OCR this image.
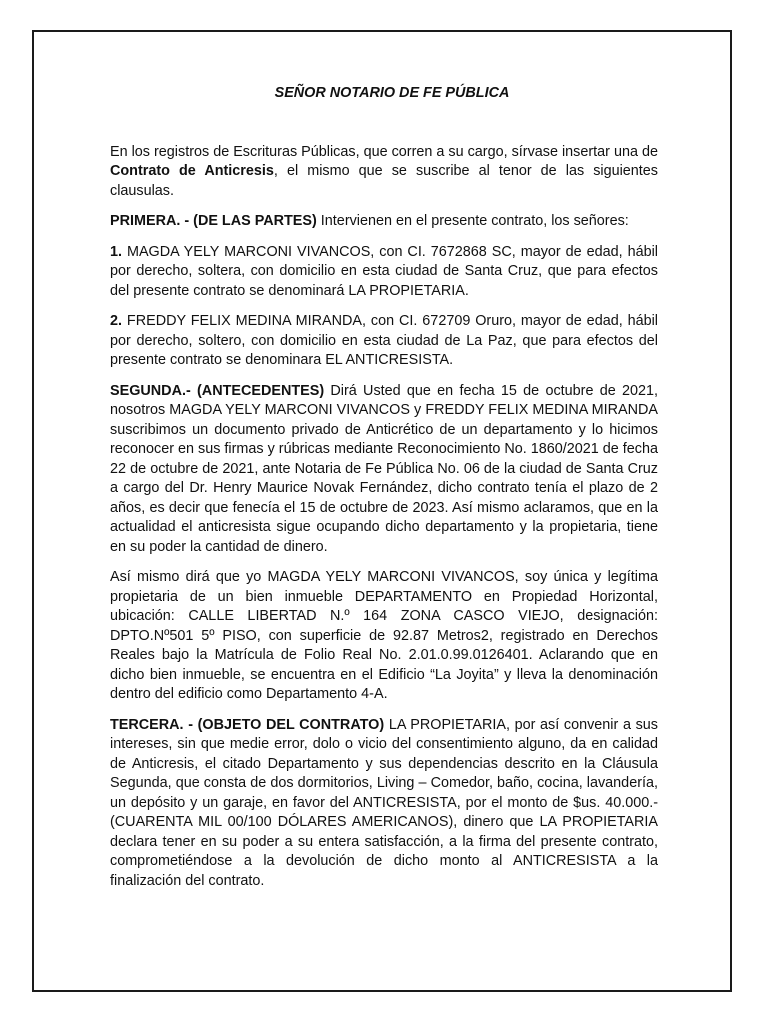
SEÑOR NOTARIO DE FE PÚBLICA

En los registros de Escrituras Públicas, que corren a su cargo, sírvase insertar una de Contrato de Anticresis, el mismo que se suscribe al tenor de las siguientes clausulas.

PRIMERA. - (DE LAS PARTES) Intervienen en el presente contrato, los señores:

1. MAGDA YELY MARCONI VIVANCOS, con CI. 7672868 SC, mayor de edad, hábil por derecho, soltera, con domicilio en esta ciudad de Santa Cruz, que para efectos del presente contrato se denominará LA PROPIETARIA.

2. FREDDY FELIX MEDINA MIRANDA, con CI. 672709 Oruro, mayor de edad, hábil por derecho, soltero, con domicilio en esta ciudad de La Paz, que para efectos del presente contrato se denominara EL ANTICRESISTA.

SEGUNDA.- (ANTECEDENTES) Dirá Usted que en fecha 15 de octubre de 2021, nosotros MAGDA YELY MARCONI VIVANCOS y FREDDY FELIX MEDINA MIRANDA suscribimos un documento privado de Anticrético de un departamento y lo hicimos reconocer en sus firmas y rúbricas mediante Reconocimiento No. 1860/2021 de fecha 22 de octubre de 2021, ante Notaria de Fe Pública No. 06 de la ciudad de Santa Cruz a cargo del Dr. Henry Maurice Novak Fernández, dicho contrato tenía el plazo de 2 años, es decir que fenecía el 15 de octubre de 2023. Así mismo aclaramos, que en la actualidad el anticresista sigue ocupando dicho departamento y la propietaria, tiene en su poder la cantidad de dinero.

Así mismo dirá que yo MAGDA YELY MARCONI VIVANCOS, soy única y legítima propietaria de un bien inmueble DEPARTAMENTO en Propiedad Horizontal, ubicación: CALLE LIBERTAD N.º 164 ZONA CASCO VIEJO, designación: DPTO.Nº501 5º PISO, con superficie de 92.87 Metros2, registrado en Derechos Reales bajo la Matrícula de Folio Real No. 2.01.0.99.0126401. Aclarando que en dicho bien inmueble, se encuentra en el Edificio “La Joyita” y lleva la denominación dentro del edificio como Departamento 4-A.

TERCERA. - (OBJETO DEL CONTRATO) LA PROPIETARIA, por así convenir a sus intereses, sin que medie error, dolo o vicio del consentimiento alguno, da en calidad de Anticresis, el citado Departamento y sus dependencias descrito en la Cláusula Segunda, que consta de dos dormitorios, Living – Comedor, baño, cocina, lavandería, un depósito y un garaje, en favor del ANTICRESISTA, por el monto de $us. 40.000.- (CUARENTA MIL 00/100 DÓLARES AMERICANOS), dinero que LA PROPIETARIA declara tener en su poder a su entera satisfacción, a la firma del presente contrato, comprometiéndose a la devolución de dicho monto al ANTICRESISTA a la finalización del contrato.
